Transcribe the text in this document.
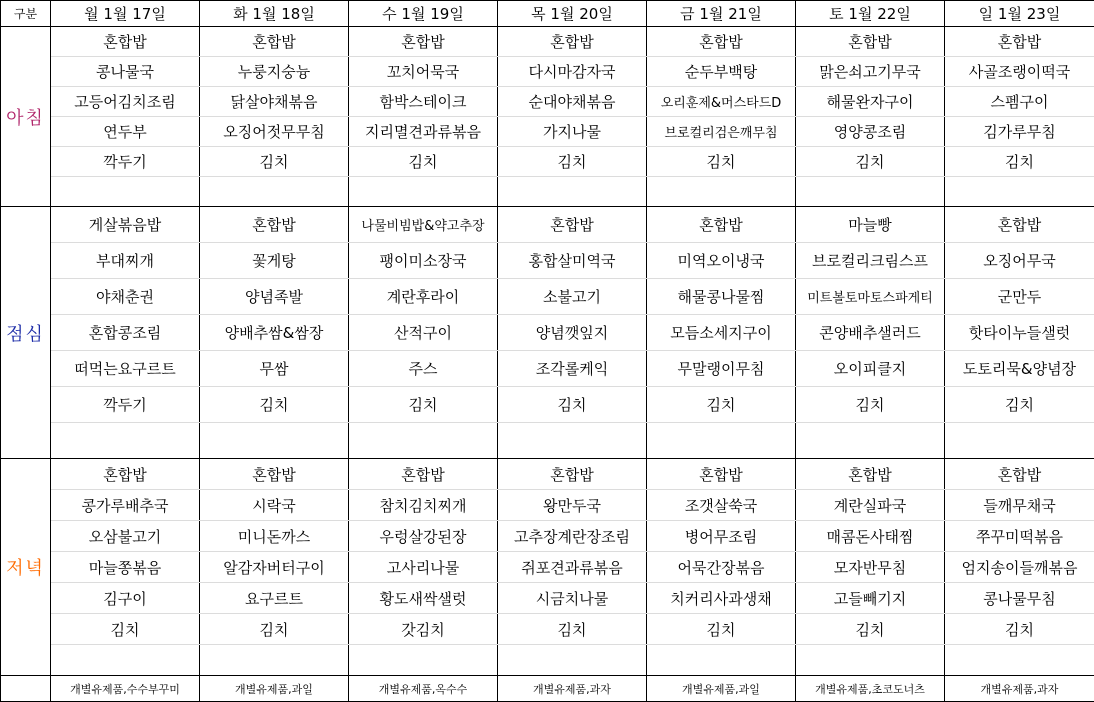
구분	월 1월 17일	화 1월 18일	수 1월 19일	목 1월 20일	금 1월 21일	토 1월 22일	일 1월 23일
아침	혼합밥	혼합밥	혼합밥	혼합밥	혼합밥	혼합밥	혼합밥
	콩나물국	누룽지숭늉	꼬치어묵국	다시마감자국	순두부백탕	맑은쇠고기무국	사골조랭이떡국
	고등어김치조림	닭살야채볶음	함박스테이크	순대야채볶음	오리훈제&머스타드D	해물완자구이	스펨구이
	연두부	오징어젓무무침	지리멸견과류볶음	가지나물	브로컬리검은깨무침	영양콩조림	김가루무침
	깍두기	김치	김치	김치	김치	김치	김치

점심	게살볶음밥	혼합밥	나물비빔밥&약고추장	혼합밥	혼합밥	마늘빵	혼합밥
	부대찌개	꽃게탕	팽이미소장국	홍합살미역국	미역오이냉국	브로컬리크림스프	오징어무국
	야채춘권	양념족발	계란후라이	소불고기	해물콩나물찜	미트볼토마토스파게티	군만두
	혼합콩조림	양배추쌈&쌈장	산적구이	양념깻잎지	모듬소세지구이	콘양배추샐러드	핫타이누들샐럿
	떠먹는요구르트	무쌈	주스	조각롤케익	무말랭이무침	오이피클지	도토리묵&양념장
	깍두기	김치	김치	김치	김치	김치	김치

저녁	혼합밥	혼합밥	혼합밥	혼합밥	혼합밥	혼합밥	혼합밥
	콩가루배추국	시락국	참치김치찌개	왕만두국	조갯살쑥국	계란실파국	들깨무채국
	오삼불고기	미니돈까스	우렁살강된장	고추장계란장조림	병어무조림	매콤돈사태찜	쭈꾸미떡볶음
	마늘쫑볶음	알감자버터구이	고사리나물	쥐포견과류볶음	어묵간장볶음	모자반무침	엄지송이들깨볶음
	김구이	요구르트	황도새싹샐럿	시금치나물	치커리사과생채	고들빼기지	콩나물무침
	김치	김치	갓김치	김치	김치	김치	김치

	개별유제품,수수부꾸미	개별유제품,과일	개별유제품,옥수수	개별유제품,과자	개별유제품,과일	개별유제품,초코도너츠	개별유제품,과자
